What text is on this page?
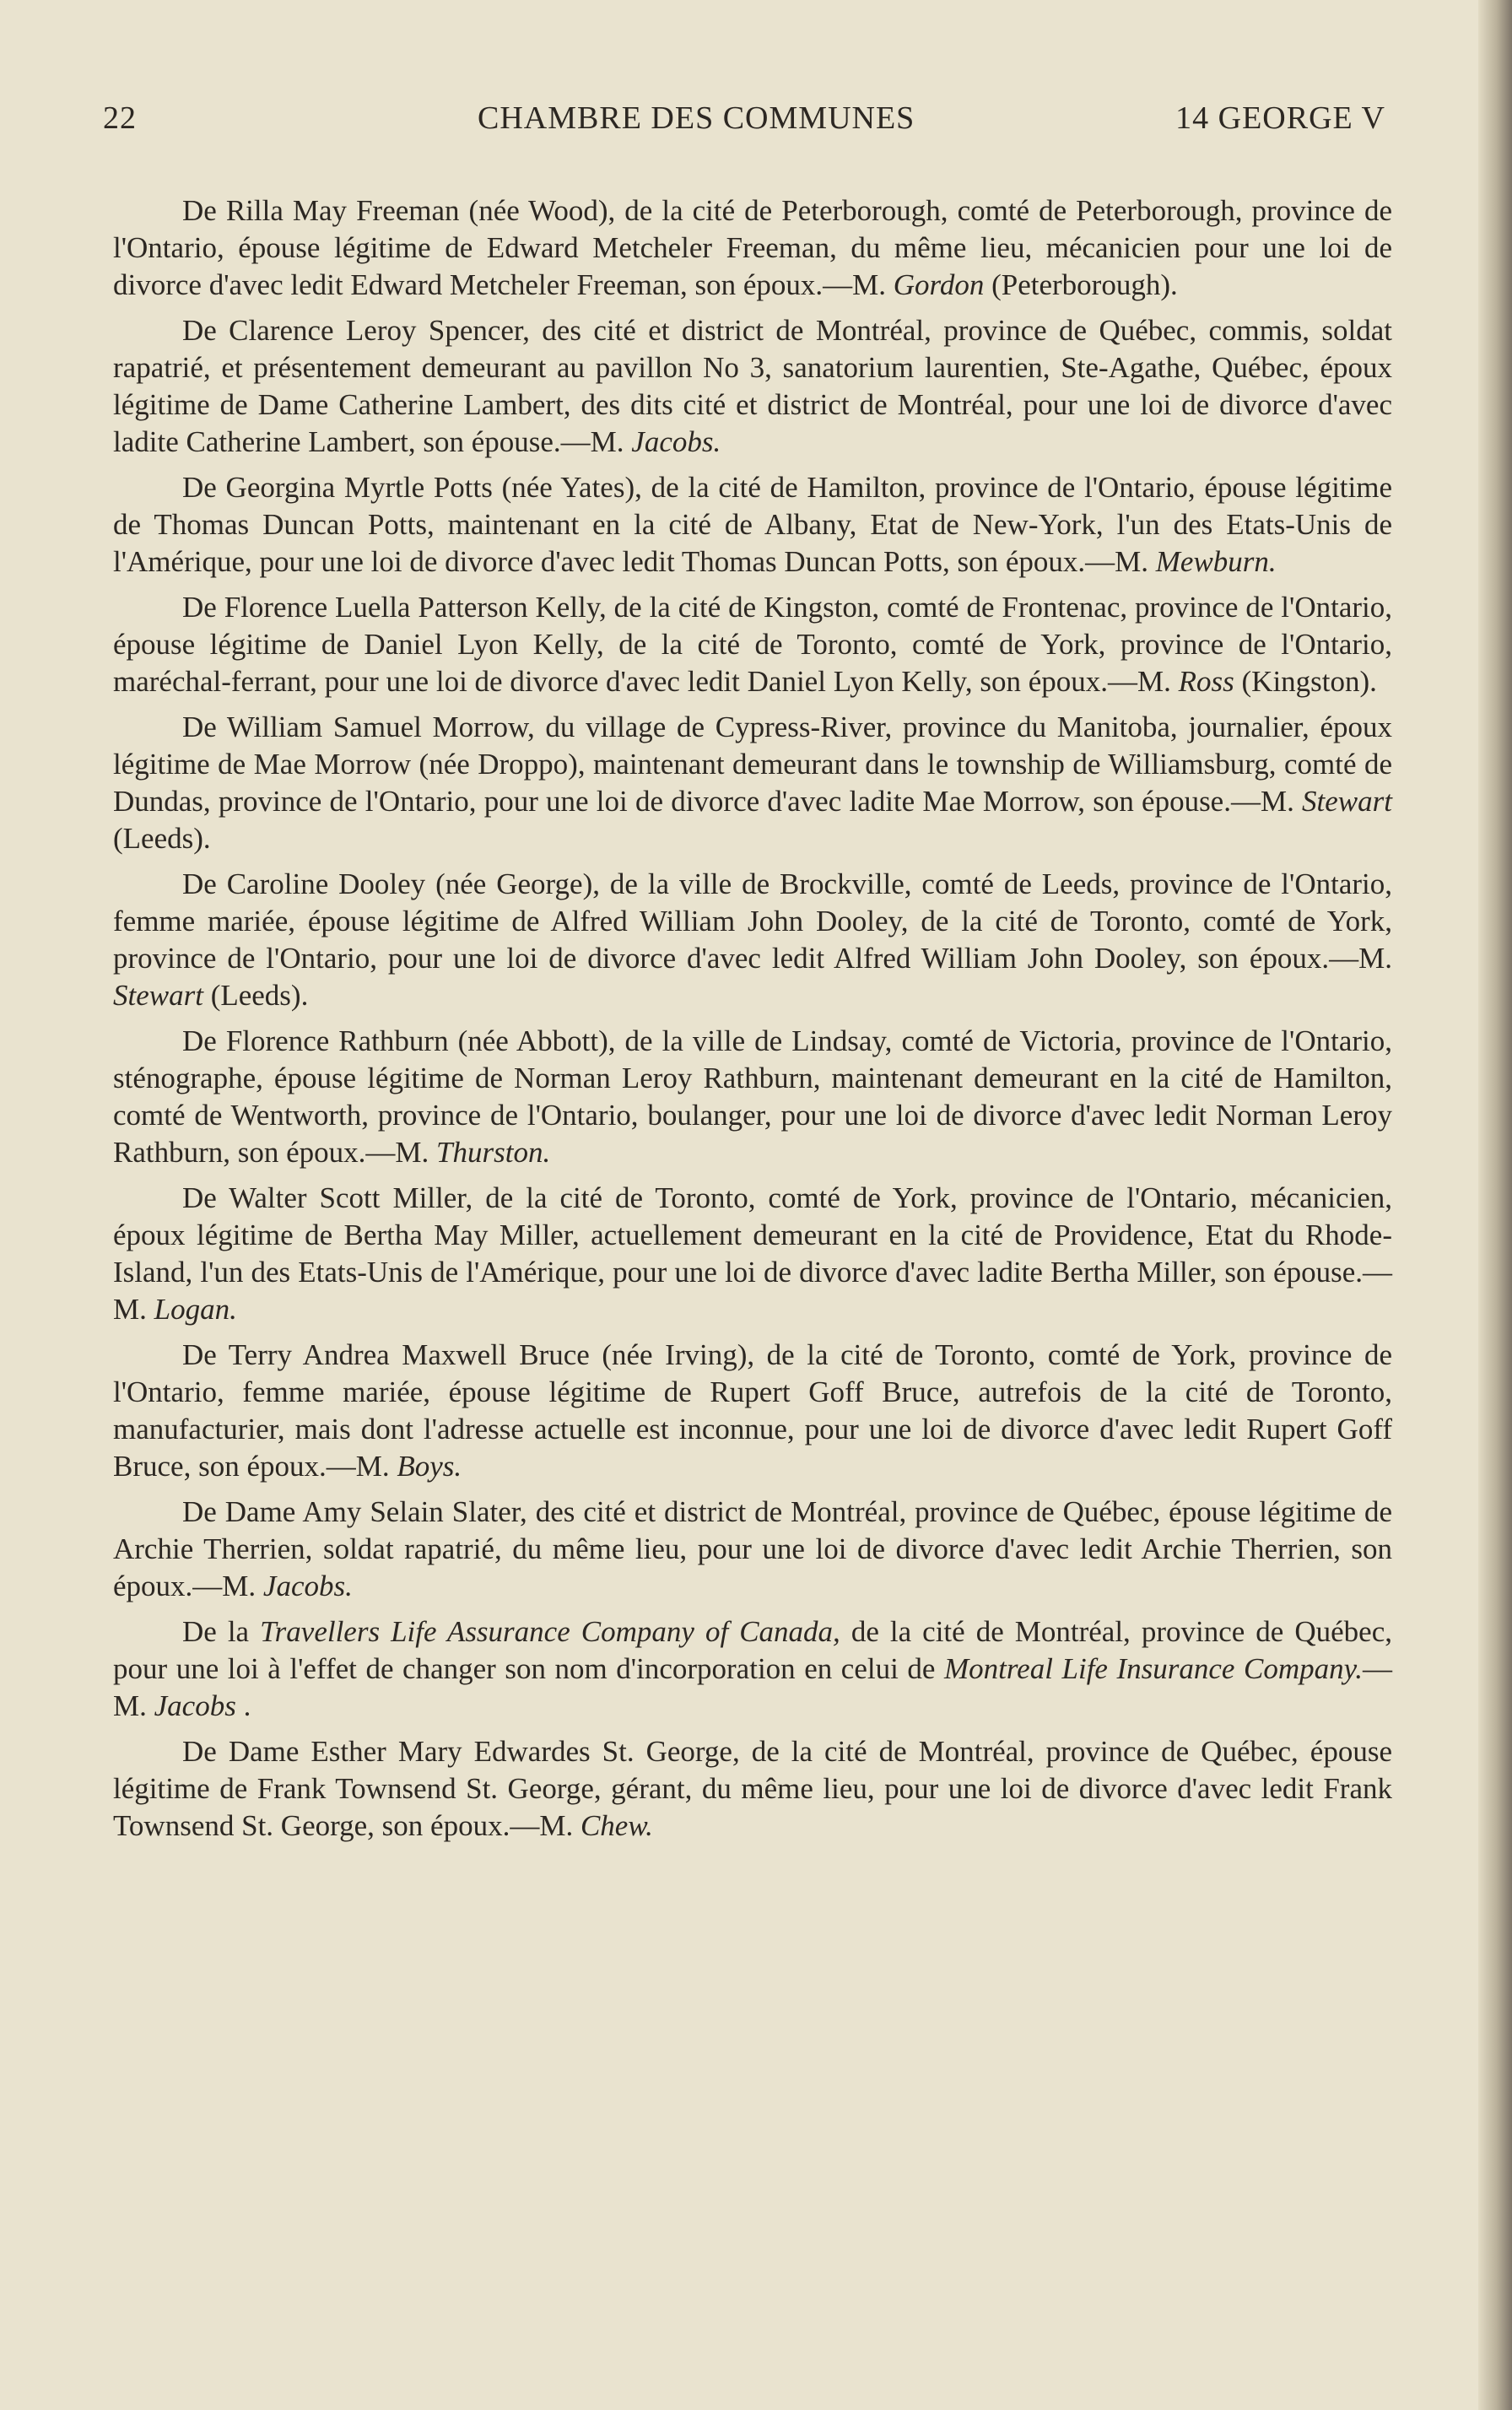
22	CHAMBRE DES COMMUNES	14 GEORGE V

De Rilla May Freeman (née Wood), de la cité de Peterborough, comté de Peterborough, province de l'Ontario, épouse légitime de Edward Metcheler Freeman, du même lieu, mécanicien pour une loi de divorce d'avec ledit Edward Metcheler Freeman, son époux.—M. Gordon (Peterborough).

De Clarence Leroy Spencer, des cité et district de Montréal, province de Québec, commis, soldat rapatrié, et présentement demeurant au pavillon No 3, sanatorium laurentien, Ste-Agathe, Québec, époux légitime de Dame Catherine Lambert, des dits cité et district de Montréal, pour une loi de divorce d'avec ladite Catherine Lambert, son épouse.—M. Jacobs.

De Georgina Myrtle Potts (née Yates), de la cité de Hamilton, province de l'Ontario, épouse légitime de Thomas Duncan Potts, maintenant en la cité de Albany, Etat de New-York, l'un des Etats-Unis de l'Amérique, pour une loi de divorce d'avec ledit Thomas Duncan Potts, son époux.—M. Mewburn.

De Florence Luella Patterson Kelly, de la cité de Kingston, comté de Frontenac, province de l'Ontario, épouse légitime de Daniel Lyon Kelly, de la cité de Toronto, comté de York, province de l'Ontario, maréchal-ferrant, pour une loi de divorce d'avec ledit Daniel Lyon Kelly, son époux.—M. Ross (Kingston).

De William Samuel Morrow, du village de Cypress-River, province du Manitoba, journalier, époux légitime de Mae Morrow (née Droppo), maintenant demeurant dans le township de Williamsburg, comté de Dundas, province de l'Ontario, pour une loi de divorce d'avec ladite Mae Morrow, son épouse.—M. Stewart (Leeds).

De Caroline Dooley (née George), de la ville de Brockville, comté de Leeds, province de l'Ontario, femme mariée, épouse légitime de Alfred William John Dooley, de la cité de Toronto, comté de York, province de l'Ontario, pour une loi de divorce d'avec ledit Alfred William John Dooley, son époux.—M. Stewart (Leeds).

De Florence Rathburn (née Abbott), de la ville de Lindsay, comté de Victoria, province de l'Ontario, sténographe, épouse légitime de Norman Leroy Rathburn, maintenant demeurant en la cité de Hamilton, comté de Wentworth, province de l'Ontario, boulanger, pour une loi de divorce d'avec ledit Norman Leroy Rathburn, son époux.—M. Thurston.

De Walter Scott Miller, de la cité de Toronto, comté de York, province de l'Ontario, mécanicien, époux légitime de Bertha May Miller, actuellement demeurant en la cité de Providence, Etat du Rhode-Island, l'un des Etats-Unis de l'Amérique, pour une loi de divorce d'avec ladite Bertha Miller, son épouse.—M. Logan.

De Terry Andrea Maxwell Bruce (née Irving), de la cité de Toronto, comté de York, province de l'Ontario, femme mariée, épouse légitime de Rupert Goff Bruce, autrefois de la cité de Toronto, manufacturier, mais dont l'adresse actuelle est inconnue, pour une loi de divorce d'avec ledit Rupert Goff Bruce, son époux.—M. Boys.

De Dame Amy Selain Slater, des cité et district de Montréal, province de Québec, épouse légitime de Archie Therrien, soldat rapatrié, du même lieu, pour une loi de divorce d'avec ledit Archie Therrien, son époux.—M. Jacobs.

De la Travellers Life Assurance Company of Canada, de la cité de Montréal, province de Québec, pour une loi à l'effet de changer son nom d'incorporation en celui de Montreal Life Insurance Company.—M. Jacobs .

De Dame Esther Mary Edwardes St. George, de la cité de Montréal, province de Québec, épouse légitime de Frank Townsend St. George, gérant, du même lieu, pour une loi de divorce d'avec ledit Frank Townsend St. George, son époux.—M. Chew.
